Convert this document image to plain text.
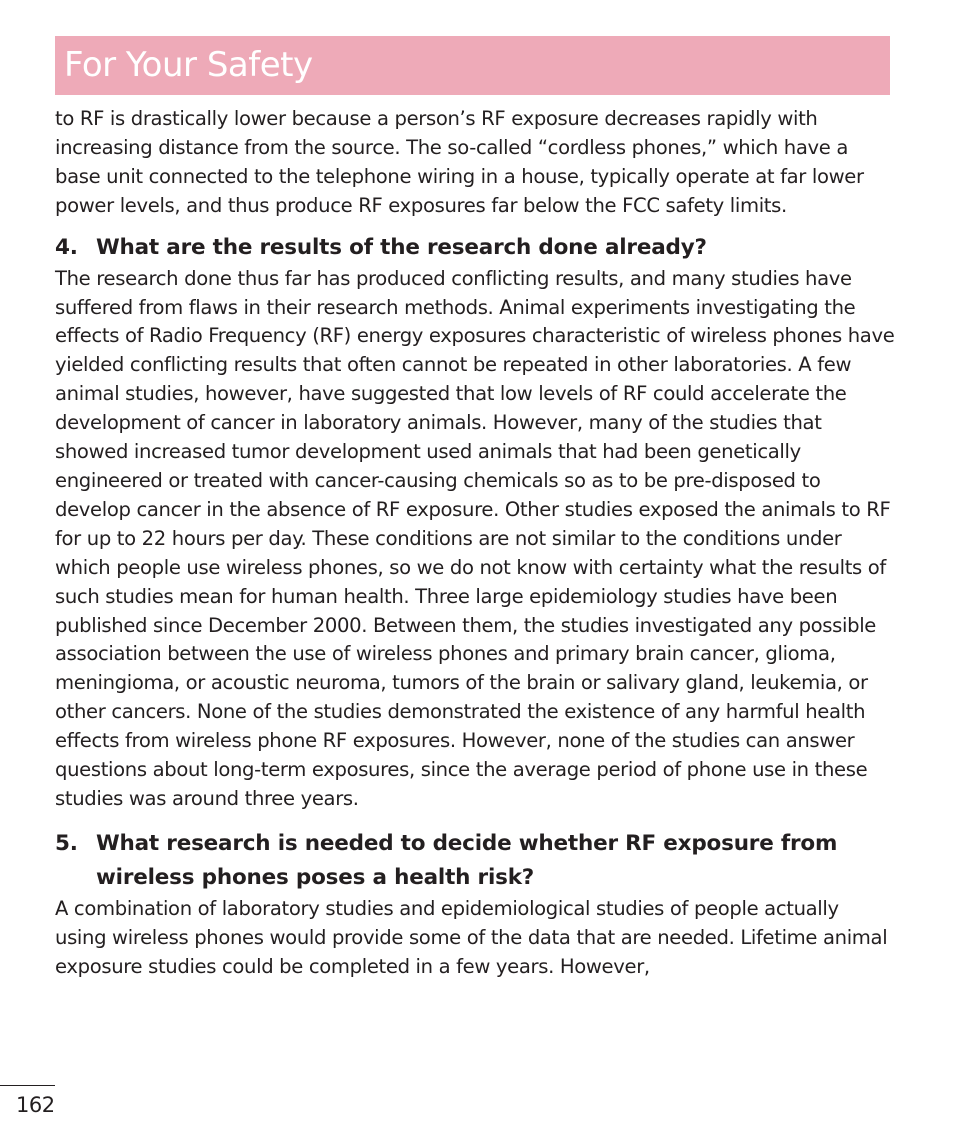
For Your Safety

to RF is drastically lower because a person’s RF exposure decreases rapidly with increasing distance from the source. The so-called “cordless phones,” which have a base unit connected to the telephone wiring in a house, typically operate at far lower power levels, and thus produce RF exposures far below the FCC safety limits.

4. What are the results of the research done already?

The research done thus far has produced conflicting results, and many studies have suffered from flaws in their research methods. Animal experiments investigating the effects of Radio Frequency (RF) energy exposures characteristic of wireless phones have yielded conflicting results that often cannot be repeated in other laboratories. A few animal studies, however, have suggested that low levels of RF could accelerate the development of cancer in laboratory animals. However, many of the studies that showed increased tumor development used animals that had been genetically engineered or treated with cancer-causing chemicals so as to be pre-disposed to develop cancer in the absence of RF exposure. Other studies exposed the animals to RF for up to 22 hours per day. These conditions are not similar to the conditions under which people use wireless phones, so we do not know with certainty what the results of such studies mean for human health. Three large epidemiology studies have been published since December 2000. Between them, the studies investigated any possible association between the use of wireless phones and primary brain cancer, glioma, meningioma, or acoustic neuroma, tumors of the brain or salivary gland, leukemia, or other cancers. None of the studies demonstrated the existence of any harmful health effects from wireless phone RF exposures. However, none of the studies can answer questions about long-term exposures, since the average period of phone use in these studies was around three years.

5. What research is needed to decide whether RF exposure from wireless phones poses a health risk?

A combination of laboratory studies and epidemiological studies of people actually using wireless phones would provide some of the data that are needed. Lifetime animal exposure studies could be completed in a few years. However,

162
